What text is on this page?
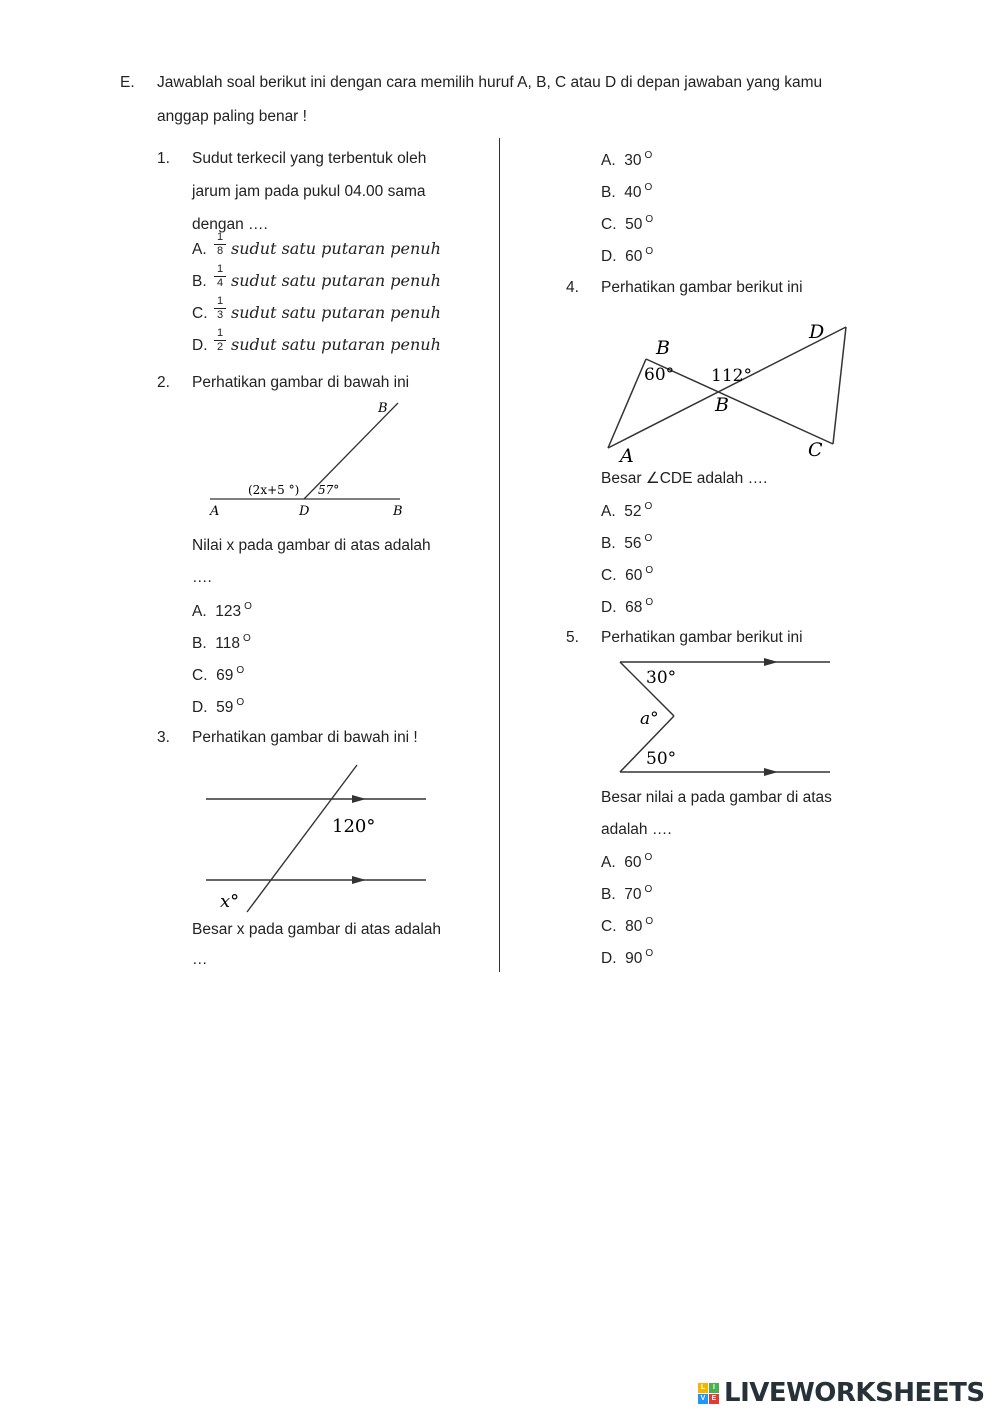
E. Jawablah soal berikut ini dengan cara memilih huruf A, B, C atau D di depan jawaban yang kamu
anggap paling benar !
1. Sudut terkecil yang terbentuk oleh
jarum jam pada pukul 04.00 sama
dengan ….
A.
1
8 sudut satu putaran penuh
B.
1
4 sudut satu putaran penuh
C.
1
3 sudut satu putaran penuh
D.
1
2 sudut satu putaran penuh
2. Perhatikan gambar di bawah ini
B
(2x+5 °) 57°
A	D	B
Nilai x pada gambar di atas adalah
….
A. 123 $^O$
B. 118 $^O$
C. 69 $^O$
D. 59 $^O$
3. Perhatikan gambar di bawah ini !
120°
x°
Besar x pada gambar di atas adalah
…
A. 30 $^O$
B. 40 $^O$
C. 50 $^O$
D. 60 $^O$
4. Perhatikan gambar berikut ini
B
60° 112°
B
D
A	C
Besar ∠CDE adalah ….
A. 52 $^O$
B. 56 $^O$
C. 60 $^O$
D. 68 $^O$
5. Perhatikan gambar berikut ini
30°
a°
50°
Besar nilai a pada gambar di atas
adalah ….
A. 60 $^O$
B. 70 $^O$
C. 80 $^O$
D. 90 $^O$
L	I
V E LIVEWORKSHEETS
